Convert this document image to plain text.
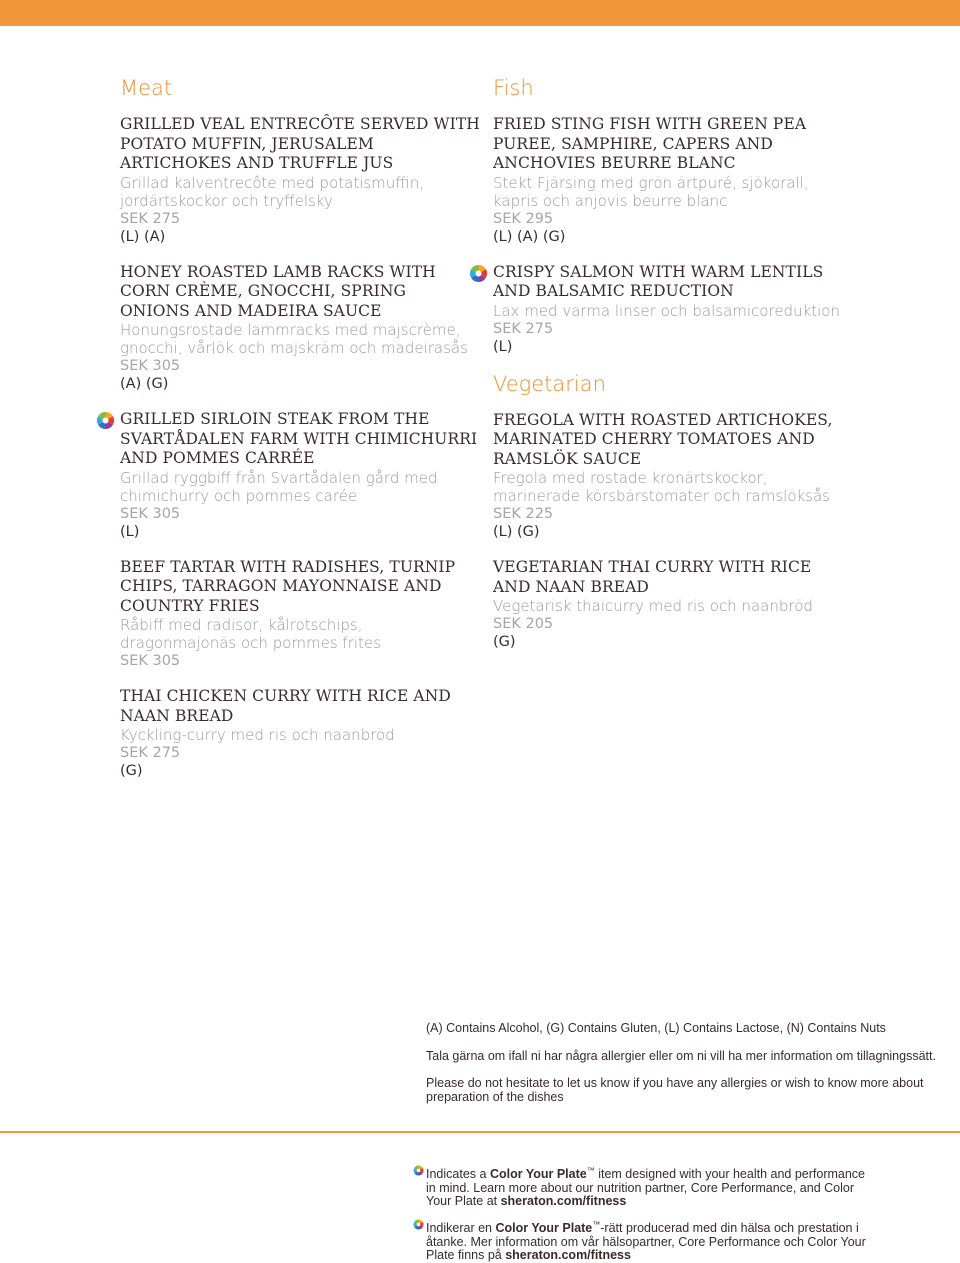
Meat
GRILLED VEAL ENTRECÔTE SERVED WITH POTATO MUFFIN, JERUSALEM ARTICHOKES AND TRUFFLE JUS
Grillad kalventrecôte med potatismuffin, jordärtskockor och tryffelsky
SEK 275
(L) (A)
HONEY ROASTED LAMB RACKS WITH CORN CRÈME, GNOCCHI, SPRING ONIONS AND MADEIRA SAUCE
Honungsrostade lammracks med majscrème, gnocchi, vårlök och majskräm och madeirasås
SEK 305
(A) (G)
GRILLED SIRLOIN STEAK FROM THE SVARTÅDALEN FARM WITH CHIMICHURRI AND POMMES CARRÉE
Grillad ryggbiff från Svartådalen gård med chimichurry och pommes carée
SEK 305
(L)
BEEF TARTAR WITH RADISHES, TURNIP CHIPS, TARRAGON MAYONNAISE AND COUNTRY FRIES
Råbiff med radisor, kålrotschips, dragonmajonäs och pommes frites
SEK 305
THAI CHICKEN CURRY WITH RICE AND NAAN BREAD
Kyckling-curry med ris och naanbröd
SEK 275
(G)
Fish
FRIED STING FISH WITH GREEN PEA PUREE, SAMPHIRE, CAPERS AND ANCHOVIES BEURRE BLANC
Stekt Fjärsing med grön ärtpuré, sjökorall, kapris och anjovis beurre blanc
SEK 295
(L) (A) (G)
CRISPY SALMON WITH WARM LENTILS AND BALSAMIC REDUCTION
Lax med varma linser och balsamicoreduktion
SEK 275
(L)
Vegetarian
FREGOLA WITH ROASTED ARTICHOKES, MARINATED CHERRY TOMATOES AND RAMSLÖK SAUCE
Fregola med rostade kronärtskockor, marinerade körsbärstomater och ramslöksås
SEK 225
(L) (G)
VEGETARIAN THAI CURRY WITH RICE AND NAAN BREAD
Vegetarisk thaicurry med ris och naanbröd
SEK 205
(G)

(A) Contains Alcohol, (G) Contains Gluten, (L) Contains Lactose, (N) Contains Nuts

Tala gärna om ifall ni har några allergier eller om ni vill ha mer information om tillagningssätt.

Please do not hesitate to let us know if you have any allergies or wish to know more about preparation of the dishes

Indicates a Color Your Plate™ item designed with your health and performance in mind. Learn more about our nutrition partner, Core Performance, and Color Your Plate at sheraton.com/fitness
Indikerar en Color Your Plate™-rätt producerad med din hälsa och prestation i åtanke. Mer information om vår hälsopartner, Core Performance och Color Your Plate finns på sheraton.com/fitness
